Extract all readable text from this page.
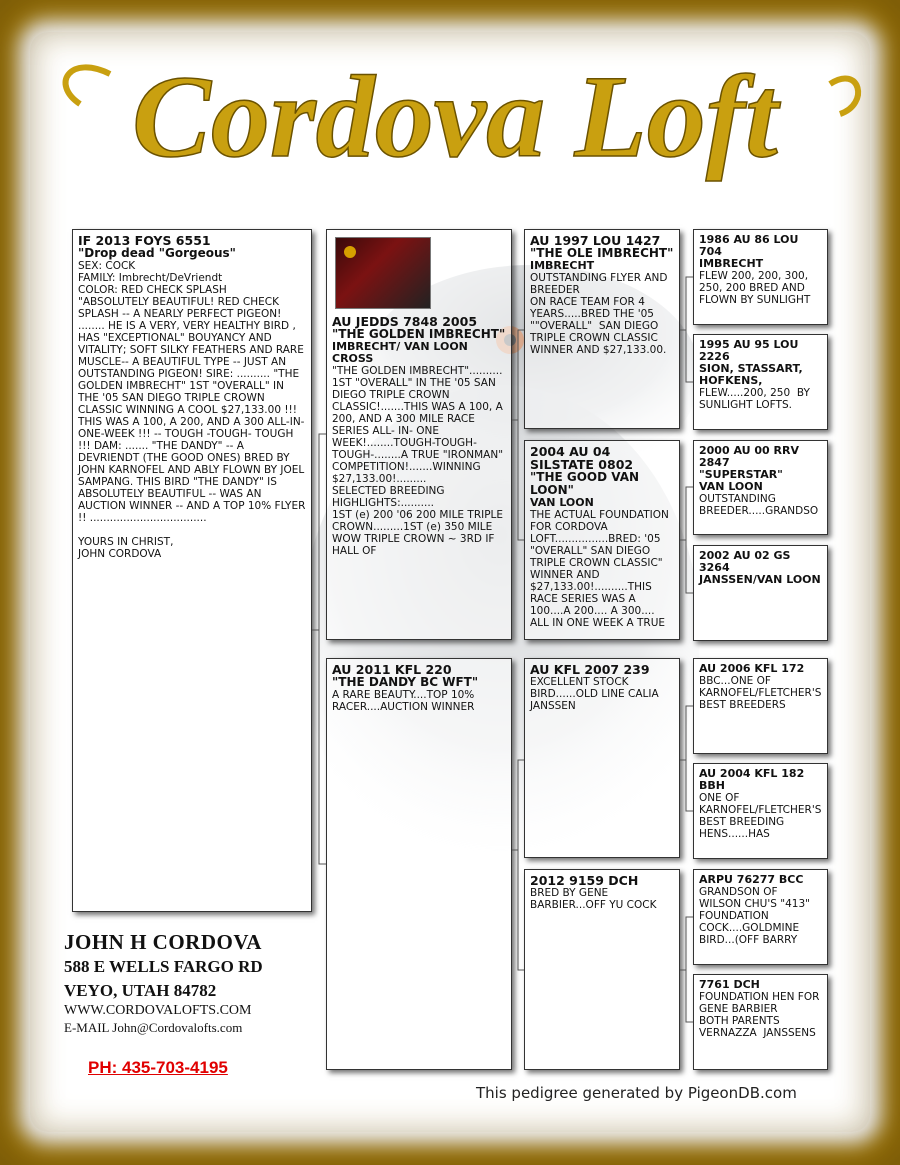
Cordova Loft
IF 2013 FOYS 6551
"Drop dead "Gorgeous"
SEX: COCK
FAMILY: Imbrecht/DeVriendt
COLOR: RED CHECK SPLASH
"ABSOLUTELY BEAUTIFUL! RED CHECK SPLASH -- A NEARLY PERFECT PIGEON! ........ HE IS A VERY, VERY HEALTHY BIRD , HAS "EXCEPTIONAL" BOUYANCY AND VITALITY; SOFT SILKY FEATHERS AND RARE MUSCLE-- A BEAUTIFUL TYPE -- JUST AN OUTSTANDING PIGEON! SIRE: .......... "THE GOLDEN IMBRECHT" 1ST "OVERALL" IN THE '05 SAN DIEGO TRIPLE CROWN CLASSIC WINNING A COOL $27,133.00 !!! THIS WAS A 100, A 200, AND A 300 ALL-IN-ONE-WEEK !!! -- TOUGH -TOUGH- TOUGH !!! DAM: ....... "THE DANDY" -- A DEVRIENDT (THE GOOD ONES) BRED BY JOHN KARNOFEL AND ABLY FLOWN BY JOEL SAMPANG. THIS BIRD "THE DANDY" IS ABSOLUTELY BEAUTIFUL -- WAS AN AUCTION WINNER -- AND A TOP 10% FLYER !! ...................................

YOURS IN CHRIST,
JOHN CORDOVA
AU JEDDS 7848 2005
"THE GOLDEN IMBRECHT"
IMBRECHT/ VAN LOON CROSS
"THE GOLDEN IMBRECHT"..........
1ST "OVERALL" IN THE '05 SAN DIEGO TRIPLE CROWN CLASSIC!.......THIS WAS A 100, A 200, AND A 300 MILE RACE SERIES ALL- IN- ONE WEEK!........TOUGH-TOUGH-TOUGH-........A TRUE "IRONMAN" COMPETITION!.......WINNING $27,133.00!.........
SELECTED BREEDING HIGHLIGHTS:..........
1ST (e) 200 '06 200 MILE TRIPLE CROWN.........1ST (e) 350 MILE WOW TRIPLE CROWN ~ 3RD IF HALL OF
AU 2011 KFL 220
"THE DANDY BC WFT"
A RARE BEAUTY....TOP 10% RACER....AUCTION WINNER
AU 1997 LOU 1427
"THE OLE IMBRECHT"
IMBRECHT
OUTSTANDING FLYER AND BREEDER
ON RACE TEAM FOR 4 YEARS.....BRED THE '05 ""OVERALL"  SAN DIEGO TRIPLE CROWN CLASSIC WINNER AND $27,133.00.
2004 AU 04 SILSTATE 0802
"THE GOOD VAN LOON"
VAN LOON
THE ACTUAL FOUNDATION FOR CORDOVA LOFT................BRED: '05 "OVERALL" SAN DIEGO TRIPLE CROWN CLASSIC" WINNER AND $27,133.00!..........THIS RACE SERIES WAS A 100....A 200.... A 300.... ALL IN ONE WEEK A TRUE
AU KFL 2007 239
EXCELLENT STOCK BIRD......OLD LINE CALIA JANSSEN
2012 9159 DCH
BRED BY GENE BARBIER...OFF YU COCK
1986 AU 86 LOU 704
IMBRECHT
FLEW 200, 200, 300, 250, 200 BRED AND FLOWN BY SUNLIGHT
1995 AU 95 LOU 2226
SION, STASSART, HOFKENS,
FLEW.....200, 250  BY SUNLIGHT LOFTS.
2000 AU 00 RRV 2847
"SUPERSTAR"
VAN LOON
OUTSTANDING BREEDER.....GRANDSO
2002 AU 02 GS 3264
JANSSEN/VAN LOON
AU 2006 KFL 172
BBC...ONE OF KARNOFEL/FLETCHER'S BEST BREEDERS
AU 2004 KFL 182 BBH
ONE OF KARNOFEL/FLETCHER'S BEST BREEDING HENS......HAS
ARPU 76277 BCC
GRANDSON OF WILSON CHU'S "413" FOUNDATION COCK....GOLDMINE BIRD...(OFF BARRY
7761 DCH
FOUNDATION HEN FOR GENE BARBIER
BOTH PARENTS VERNAZZA  JANSSENS
JOHN H CORDOVA
588 E WELLS FARGO RD
VEYO, UTAH 84782
WWW.CORDOVALOFTS.COM
E-MAIL John@Cordovalofts.com
PH: 435-703-4195
This pedigree generated by PigeonDB.com
